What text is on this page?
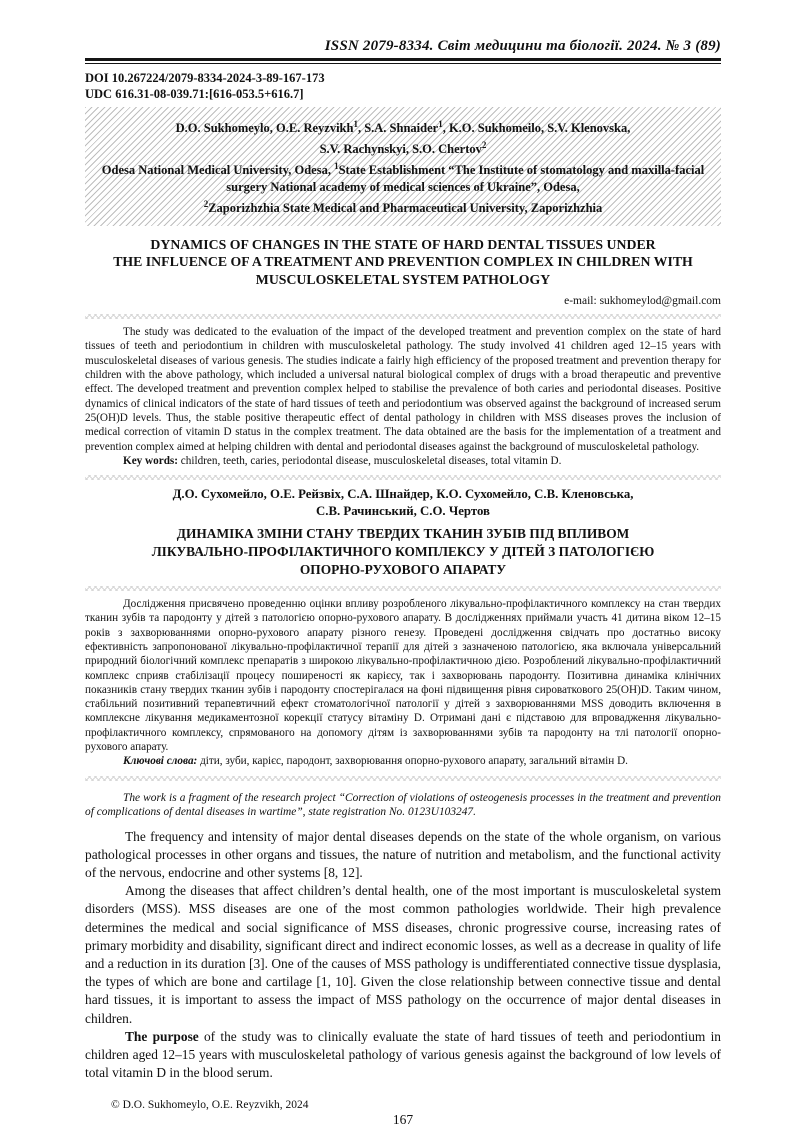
ISSN 2079-8334. Світ медицини та біології. 2024. № 3 (89)
DOI 10.267224/2079-8334-2024-3-89-167-173
UDC 616.31-08-039.71:[616-053.5+616.7]
D.O. Sukhomeylo, O.E. Reyzvikh$^1$, S.A. Shnaider$^1$, K.O. Sukhomeilo, S.V. Klenovska,
S.V. Rachynskyi, S.O. Chertov$^2$
Odesa National Medical University, Odesa, $^1$State Establishment “The Institute of stomatology and maxilla-facial surgery National academy of medical sciences of Ukraine”, Odesa,
$^2$Zaporizhzhia State Medical and Pharmaceutical University, Zaporizhzhia
DYNAMICS OF CHANGES IN THE STATE OF HARD DENTAL TISSUES UNDER
THE INFLUENCE OF A TREATMENT AND PREVENTION COMPLEX IN CHILDREN WITH
MUSCULOSKELETAL SYSTEM PATHOLOGY
e-mail: sukhomeylod@gmail.com
The study was dedicated to the evaluation of the impact of the developed treatment and prevention complex on the state of hard tissues of teeth and periodontium in children with musculoskeletal pathology. The study involved 41 children aged 12–15 years with musculoskeletal diseases of various genesis. The studies indicate a fairly high efficiency of the proposed treatment and prevention therapy for children with the above pathology, which included a universal natural biological complex of drugs with a broad therapeutic and preventive effect. The developed treatment and prevention complex helped to stabilise the prevalence of both caries and periodontal diseases. Positive dynamics of clinical indicators of the state of hard tissues of teeth and periodontium was observed against the background of increased serum 25(OH)D levels. Thus, the stable positive therapeutic effect of dental pathology in children with MSS diseases proves the inclusion of medical correction of vitamin D status in the complex treatment. The data obtained are the basis for the implementation of a treatment and prevention complex aimed at helping children with dental and periodontal diseases against the background of musculoskeletal pathology.
Key words: children, teeth, caries, periodontal disease, musculoskeletal diseases, total vitamin D.
Д.О. Сухомейло, О.Е. Рейзвіх, С.А. Шнайдер, К.О. Сухомейло, С.В. Кленовська,
С.В. Рачинський, С.О. Чертов
ДИНАМІКА ЗМІНИ СТАНУ ТВЕРДИХ ТКАНИН ЗУБІВ ПІД ВПЛИВОМ
ЛІКУВАЛЬНО-ПРОФІЛАКТИЧНОГО КОМПЛЕКСУ У ДІТЕЙ З ПАТОЛОГІЄЮ
ОПОРНО-РУХОВОГО АПАРАТУ
Дослідження присвячено проведенню оцінки впливу розробленого лікувально-профілактичного комплексу на стан твердих тканин зубів та пародонту у дітей з патологією опорно-рухового апарату. В дослідженнях приймали участь 41 дитина віком 12–15 років з захворюваннями опорно-рухового апарату різного генезу. Проведені дослідження свідчать про достатньо високу ефективність запропонованої лікувально-профілактичної терапії для дітей з зазначеною патологією, яка включала універсальний природний біологічний комплекс препаратів з широкою лікувально-профілактичною дією. Розроблений лікувально-профілактичний комплекс сприяв стабілізації процесу поширеності як карієсу, так і захворювань пародонту. Позитивна динаміка клінічних показників стану твердих тканин зубів і пародонту спостерігалася на фоні підвищення рівня сироваткового 25(OH)D. Таким чином, стабільний позитивний терапевтичний ефект стоматологічної патології у дітей з захворюваннями MSS доводить включення в комплексне лікування медикаментозної корекції статусу вітаміну D. Отримані дані є підставою для впровадження лікувально-профілактичного комплексу, спрямованого на допомогу дітям із захворюваннями зубів та пародонту на тлі патології опорно-рухового апарату.
Ключові слова: діти, зуби, карієс, пародонт, захворювання опорно-рухового апарату, загальний вітамін D.
The work is a fragment of the research project “Correction of violations of osteogenesis processes in the treatment and prevention of complications of dental diseases in wartime”, state registration No. 0123U103247.

The frequency and intensity of major dental diseases depends on the state of the whole organism, on various pathological processes in other organs and tissues, the nature of nutrition and metabolism, and the functional activity of the nervous, endocrine and other systems [8, 12].

Among the diseases that affect children’s dental health, one of the most important is musculoskeletal system disorders (MSS). MSS diseases are one of the most common pathologies worldwide. Their high prevalence determines the medical and social significance of MSS diseases, chronic progressive course, increasing rates of primary morbidity and disability, significant direct and indirect economic losses, as well as a decrease in quality of life and a reduction in its duration [3]. One of the causes of MSS pathology is undifferentiated connective tissue dysplasia, the types of which are bone and cartilage [1, 10]. Given the close relationship between connective tissue and dental hard tissues, it is important to assess the impact of MSS pathology on the occurrence of major dental diseases in children.

The purpose of the study was to clinically evaluate the state of hard tissues of teeth and periodontium in children aged 12–15 years with musculoskeletal pathology of various genesis against the background of low levels of total vitamin D in the blood serum.

© D.O. Sukhomeylo, O.E. Reyzvikh, 2024
167
